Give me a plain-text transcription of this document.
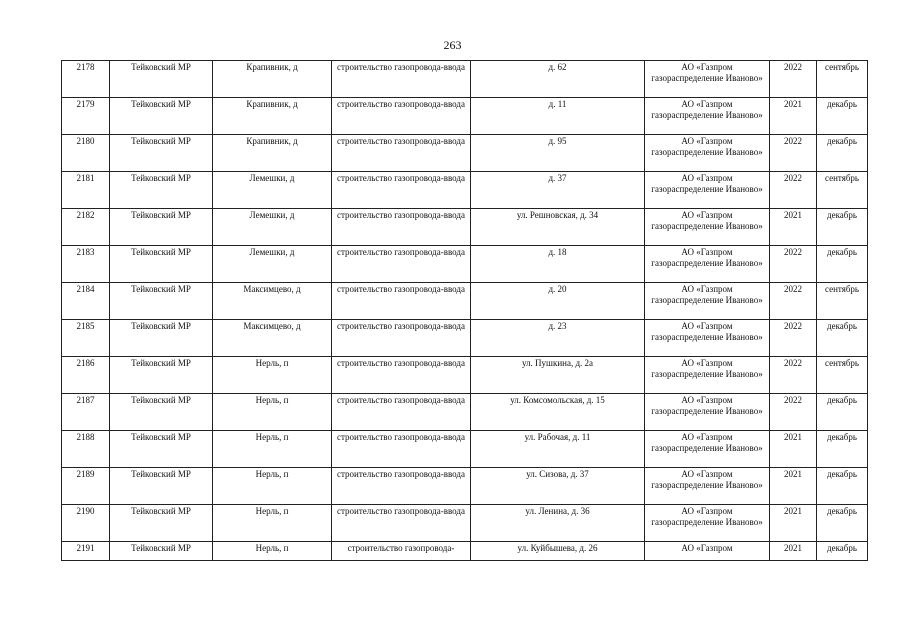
263
2178	Тейковский МР	Крапивник, д	строительство газопровода-ввода	д. 62	АО «Газпром газораспределение Иваново»	2022	сентябрь
2179	Тейковский МР	Крапивник, д	строительство газопровода-ввода	д. 11	АО «Газпром газораспределение Иваново»	2021	декабрь
2180	Тейковский МР	Крапивник, д	строительство газопровода-ввода	д. 95	АО «Газпром газораспределение Иваново»	2022	декабрь
2181	Тейковский МР	Лемешки, д	строительство газопровода-ввода	д. 37	АО «Газпром газораспределение Иваново»	2022	сентябрь
2182	Тейковский МР	Лемешки, д	строительство газопровода-ввода	ул. Решновская, д. 34	АО «Газпром газораспределение Иваново»	2021	декабрь
2183	Тейковский МР	Лемешки, д	строительство газопровода-ввода	д. 18	АО «Газпром газораспределение Иваново»	2022	декабрь
2184	Тейковский МР	Максимцево, д	строительство газопровода-ввода	д. 20	АО «Газпром газораспределение Иваново»	2022	сентябрь
2185	Тейковский МР	Максимцево, д	строительство газопровода-ввода	д. 23	АО «Газпром газораспределение Иваново»	2022	декабрь
2186	Тейковский МР	Нерль, п	строительство газопровода-ввода	ул. Пушкина, д. 2а	АО «Газпром газораспределение Иваново»	2022	сентябрь
2187	Тейковский МР	Нерль, п	строительство газопровода-ввода	ул. Комсомольская, д. 15	АО «Газпром газораспределение Иваново»	2022	декабрь
2188	Тейковский МР	Нерль, п	строительство газопровода-ввода	ул. Рабочая, д. 11	АО «Газпром газораспределение Иваново»	2021	декабрь
2189	Тейковский МР	Нерль, п	строительство газопровода-ввода	ул. Сизова, д. 37	АО «Газпром газораспределение Иваново»	2021	декабрь
2190	Тейковский МР	Нерль, п	строительство газопровода-ввода	ул. Ленина, д. 36	АО «Газпром газораспределение Иваново»	2021	декабрь
2191	Тейковский МР	Нерль, п	строительство газопровода-	ул. Куйбышева, д. 26	АО «Газпром	2021	декабрь
